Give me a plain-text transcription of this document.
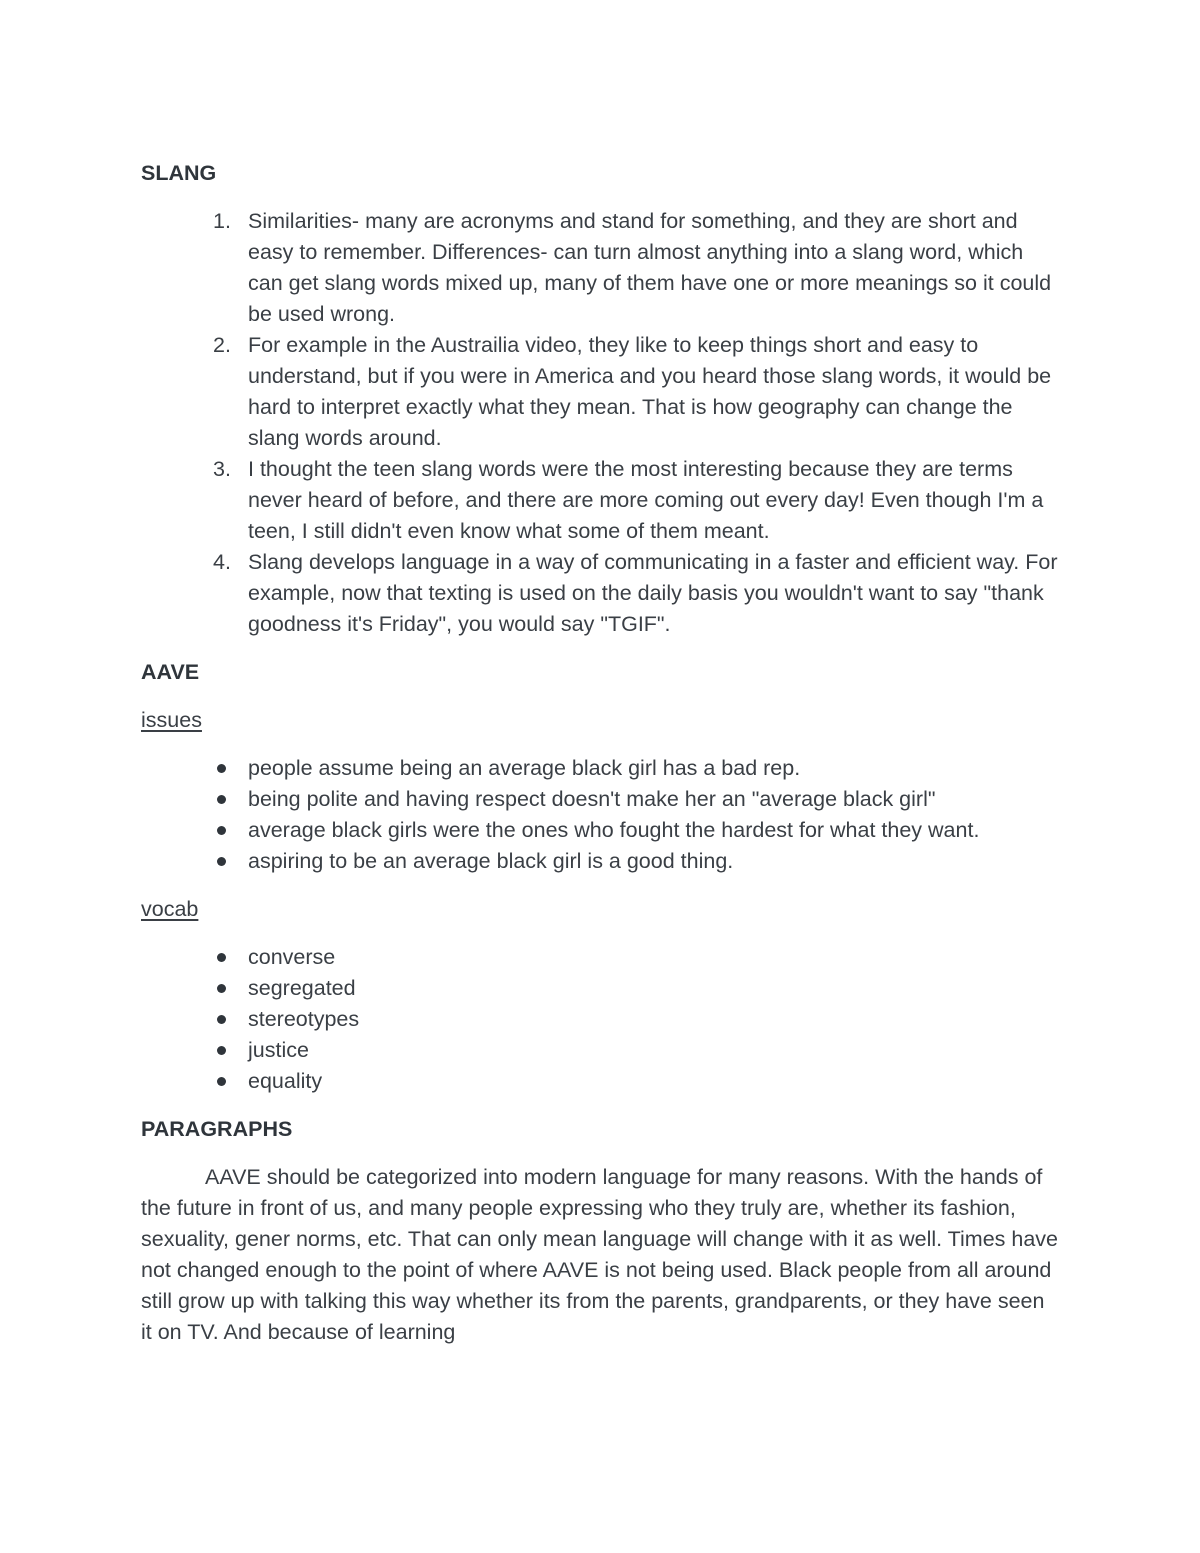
SLANG
1. Similarities- many are acronyms and stand for something, and they are short and easy to remember. Differences- can turn almost anything into a slang word, which can get slang words mixed up, many of them have one or more meanings so it could be used wrong.
2. For example in the Austrailia video, they like to keep things short and easy to understand, but if you were in America and you heard those slang words, it would be hard to interpret exactly what they mean. That is how geography can change the slang words around.
3. I thought the teen slang words were the most interesting because they are terms never heard of before, and there are more coming out every day! Even though I'm a teen, I still didn't even know what some of them meant.
4. Slang develops language in a way of communicating in a faster and efficient way. For example, now that texting is used on the daily basis you wouldn't want to say "thank goodness it's Friday", you would say "TGIF".
AAVE
issues
people assume being an average black girl has a bad rep.
being polite and having respect doesn't make her an "average black girl"
average black girls were the ones who fought the hardest for what they want.
aspiring to be an average black girl is a good thing.
vocab
converse
segregated
stereotypes
justice
equality
PARAGRAPHS

AAVE should be categorized into modern language for many reasons. With the hands of the future in front of us, and many people expressing who they truly are, whether its fashion, sexuality, gener norms, etc. That can only mean language will change with it as well. Times have not changed enough to the point of where AAVE is not being used. Black people from all around still grow up with talking this way whether its from the parents, grandparents, or they have seen it on TV. And because of learning
